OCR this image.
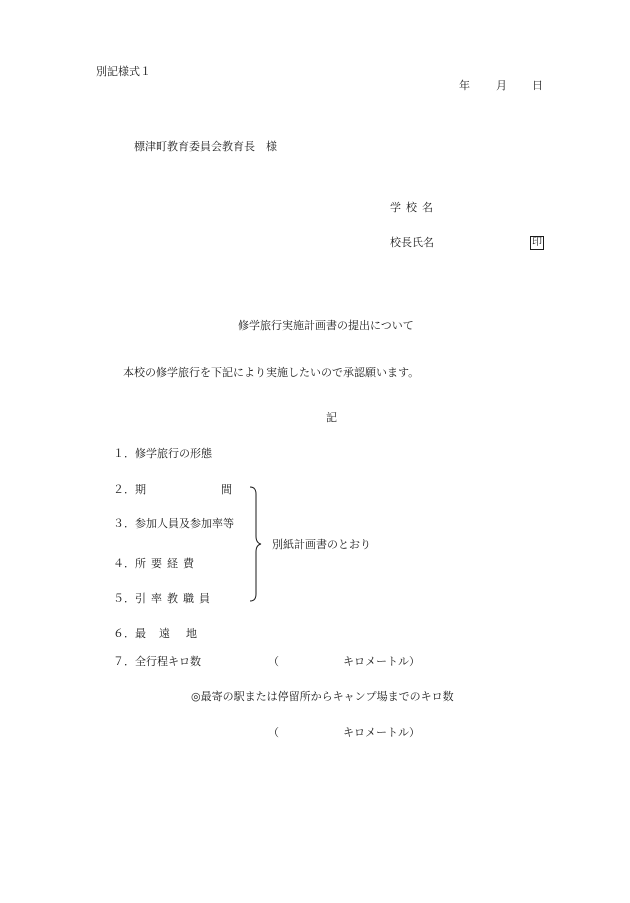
別記様式１
年 月 日
標津町教育委員会教育長　様
学校名
校長氏名	印
修学旅行実施計画書の提出について
本校の修学旅行を下記により実施したいので承認願います。
記
１．修学旅行の形態
２．期	間
３．参加人員及参加率等
４．所要経費
５．引率教職員
６．最 遠 地
７．全行程キロ数	（	キロメートル）
別紙計画書のとおり
◎最寄の駅または停留所からキャンプ場までのキロ数
（	キロメートル）
